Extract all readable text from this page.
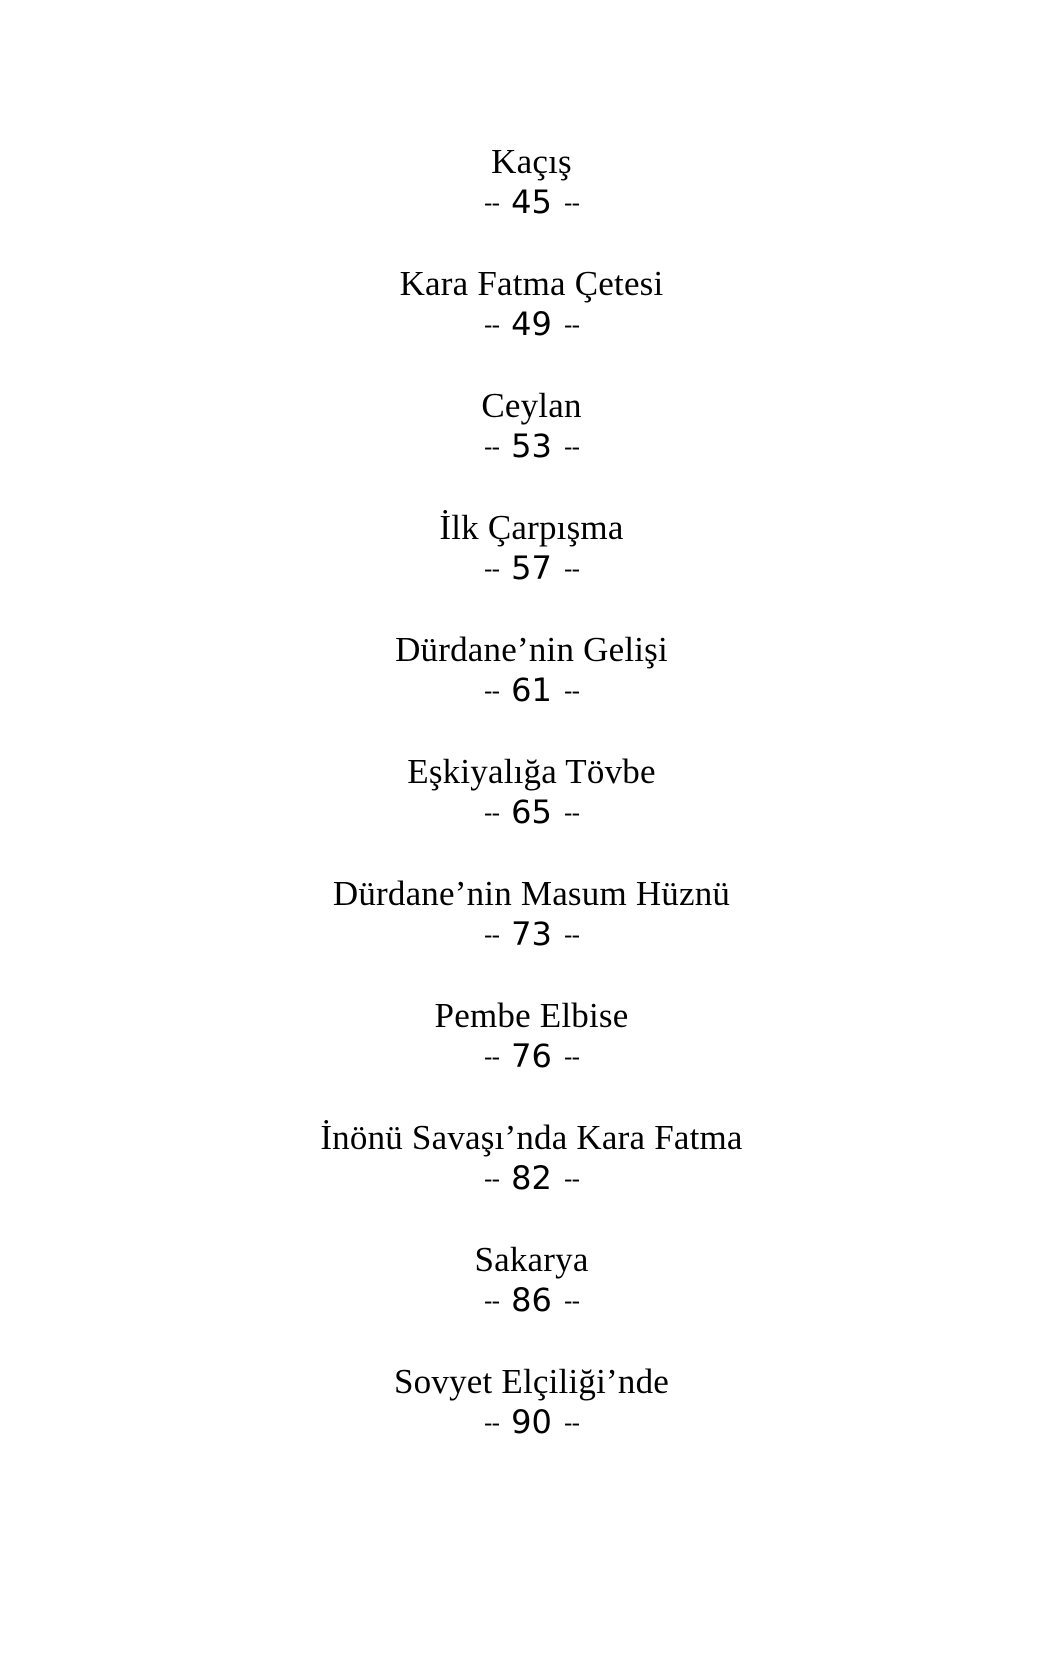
Kaçış
-- 45 --
Kara Fatma Çetesi
-- 49 --
Ceylan
-- 53 --
İlk Çarpışma
-- 57 --
Dürdane’nin Gelişi
-- 61 --
Eşkiyalığa Tövbe
-- 65 --
Dürdane’nin Masum Hüznü
-- 73 --
Pembe Elbise
-- 76 --
İnönü Savaşı’nda Kara Fatma
-- 82 --
Sakarya
-- 86 --
Sovyet Elçiliği’nde
-- 90 --
